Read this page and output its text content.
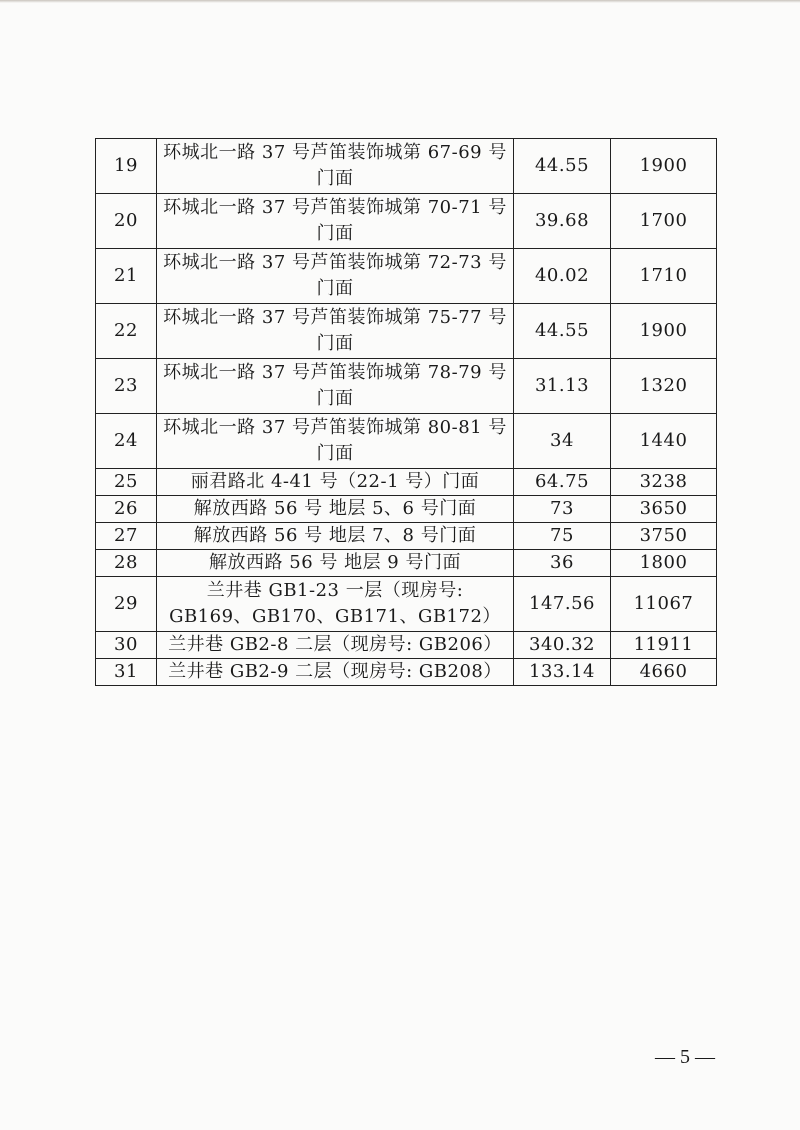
19	环城北一路 37 号芦笛装饰城第 67-69 号门面	44.55	1900
20	环城北一路 37 号芦笛装饰城第 70-71 号门面	39.68	1700
21	环城北一路 37 号芦笛装饰城第 72-73 号门面	40.02	1710
22	环城北一路 37 号芦笛装饰城第 75-77 号门面	44.55	1900
23	环城北一路 37 号芦笛装饰城第 78-79 号门面	31.13	1320
24	环城北一路 37 号芦笛装饰城第 80-81 号门面	34	1440
25	丽君路北 4-41 号（22-1 号）门面	64.75	3238
26	解放西路 56 号 地层 5、6 号门面	73	3650
27	解放西路 56 号 地层 7、8 号门面	75	3750
28	解放西路 56 号 地层 9 号门面	36	1800
29	兰井巷 GB1-23 一层（现房号: GB169、GB170、GB171、GB172）	147.56	11067
30	兰井巷 GB2-8 二层（现房号: GB206）	340.32	11911
31	兰井巷 GB2-9 二层（现房号: GB208）	133.14	4660
— 5 —
